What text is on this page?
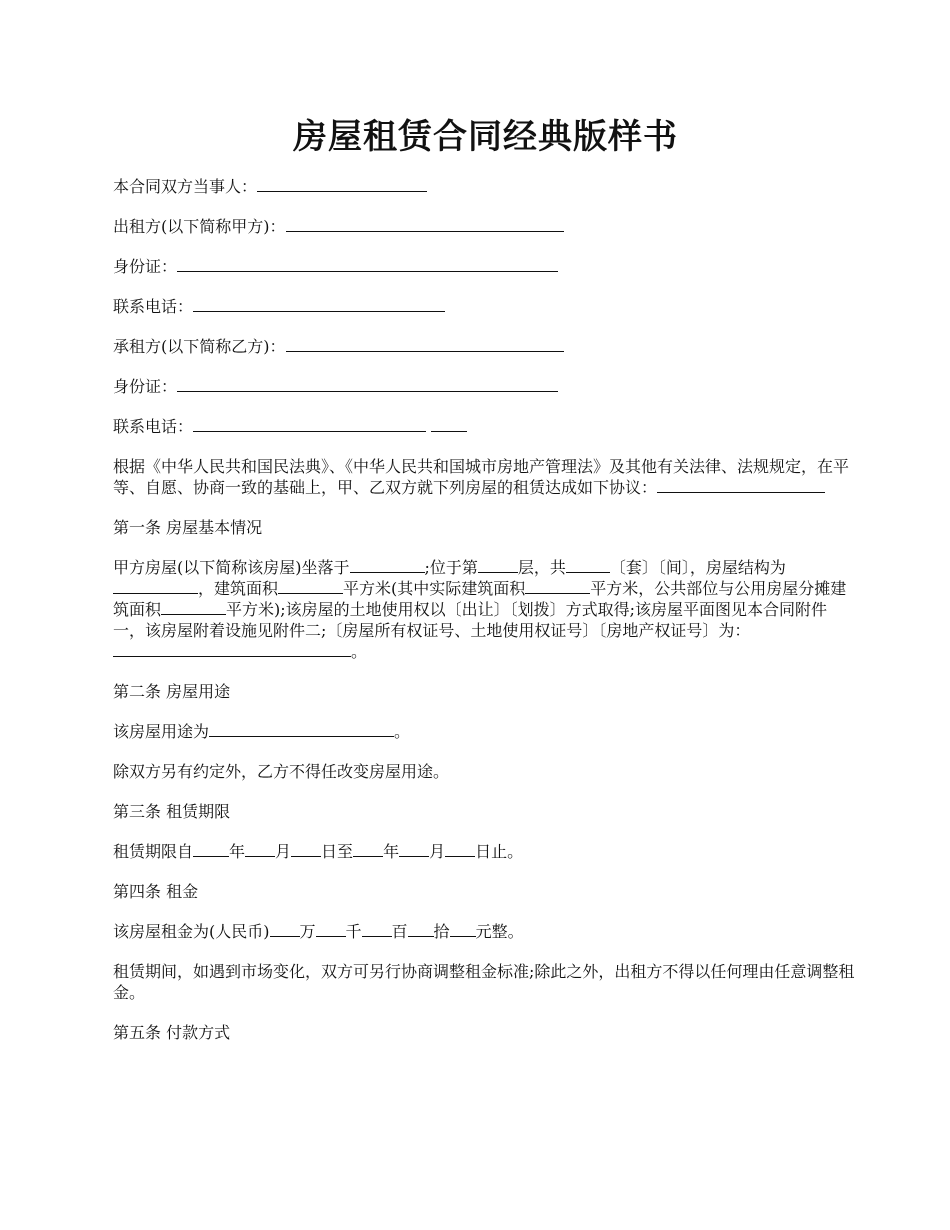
房屋租赁合同经典版样书

本合同双方当事人：

出租方(以下简称甲方)：

身份证：

联系电话：

承租方(以下简称乙方)：

身份证：

联系电话：

根据《中华人民共和国民法典》、《中华人民共和国城市房地产管理法》及其他有关法律、法规规定，在平等、自愿、协商一致的基础上，甲、乙双方就下列房屋的租赁达成如下协议：

第一条 房屋基本情况

甲方房屋(以下简称该房屋)坐落于	;位于第	层，共	〔套〕〔间〕，房屋结构为，建筑面积	平方米(其中实际建筑面积	平方米，公共部位与公用房屋分摊建筑面积	平方米);该房屋的土地使用权以〔出让〕〔划拨〕方式取得;该房屋平面图见本合同附件一，该房屋附着设施见附件二;〔房屋所有权证号、土地使用权证号〕〔房地产权证号〕为：。

第二条 房屋用途

该房屋用途为	。

除双方另有约定外，乙方不得任改变房屋用途。

第三条 租赁期限

租赁期限自 年 月 日至 年 月 日止。

第四条 租金

该房屋租金为(人民币) 万 千 百 拾 元整。

租赁期间，如遇到市场变化，双方可另行协商调整租金标准;除此之外，出租方不得以任何理由任意调整租金。

第五条 付款方式
